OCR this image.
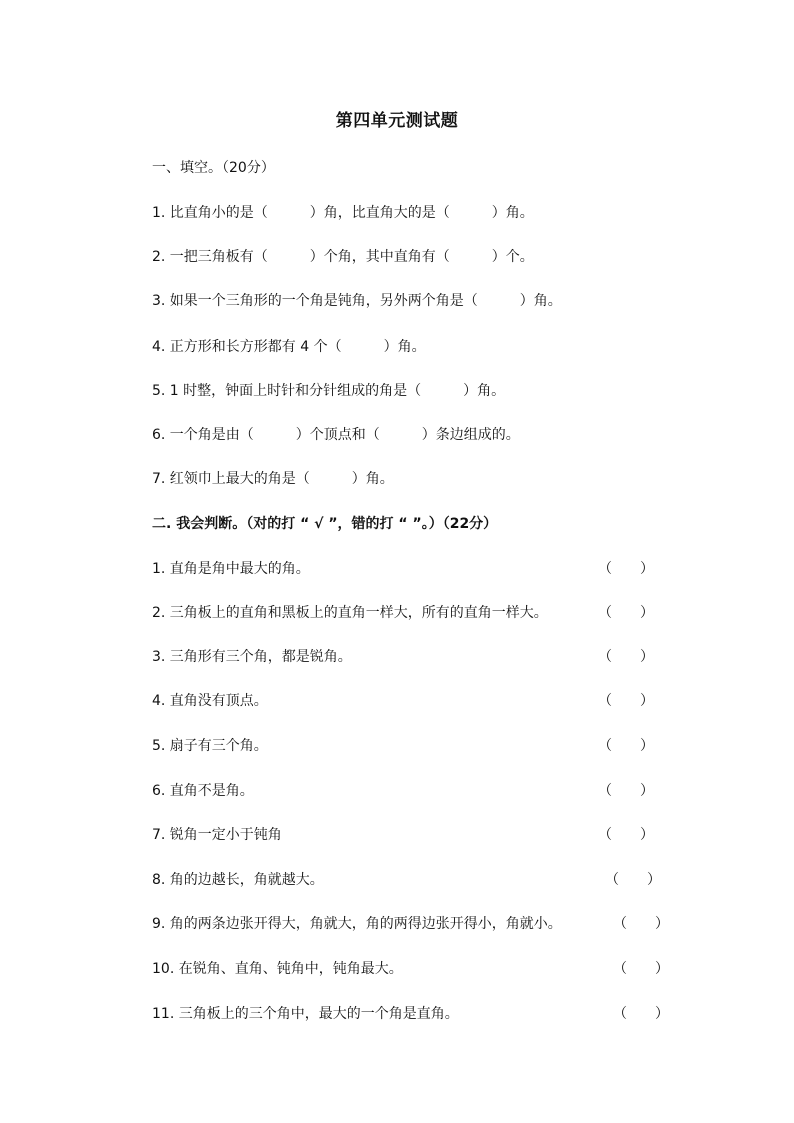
第四单元测试题
一、填空。（20分）
1. 比直角小的是（　　　）角，比直角大的是（　　　）角。
2. 一把三角板有（　　　）个角，其中直角有（　　　）个。
3. 如果一个三角形的一个角是钝角，另外两个角是（　　　）角。
4. 正方形和长方形都有 4 个（　　　）角。
5. 1 时整，钟面上时针和分针组成的角是（　　　）角。
6. 一个角是由（　　　）个顶点和（　　　）条边组成的。
7. 红领巾上最大的角是（　　　）角。
二. 我会判断。（对的打 “ √ ”，错的打 “ ”。）（22分）
1. 直角是角中最大的角。	（　　）
2. 三角板上的直角和黑板上的直角一样大，所有的直角一样大。	（　　）
3. 三角形有三个角，都是锐角。	（　　）
4. 直角没有顶点。	（　　）
5. 扇子有三个角。	（　　）
6. 直角不是角。	（　　）
7. 锐角一定小于钝角	（　　）
8. 角的边越长，角就越大。	（　　）
9. 角的两条边张开得大，角就大，角的两得边张开得小，角就小。	（　　）
10. 在锐角、直角、钝角中，钝角最大。	（　　）
11. 三角板上的三个角中，最大的一个角是直角。	（　　）
